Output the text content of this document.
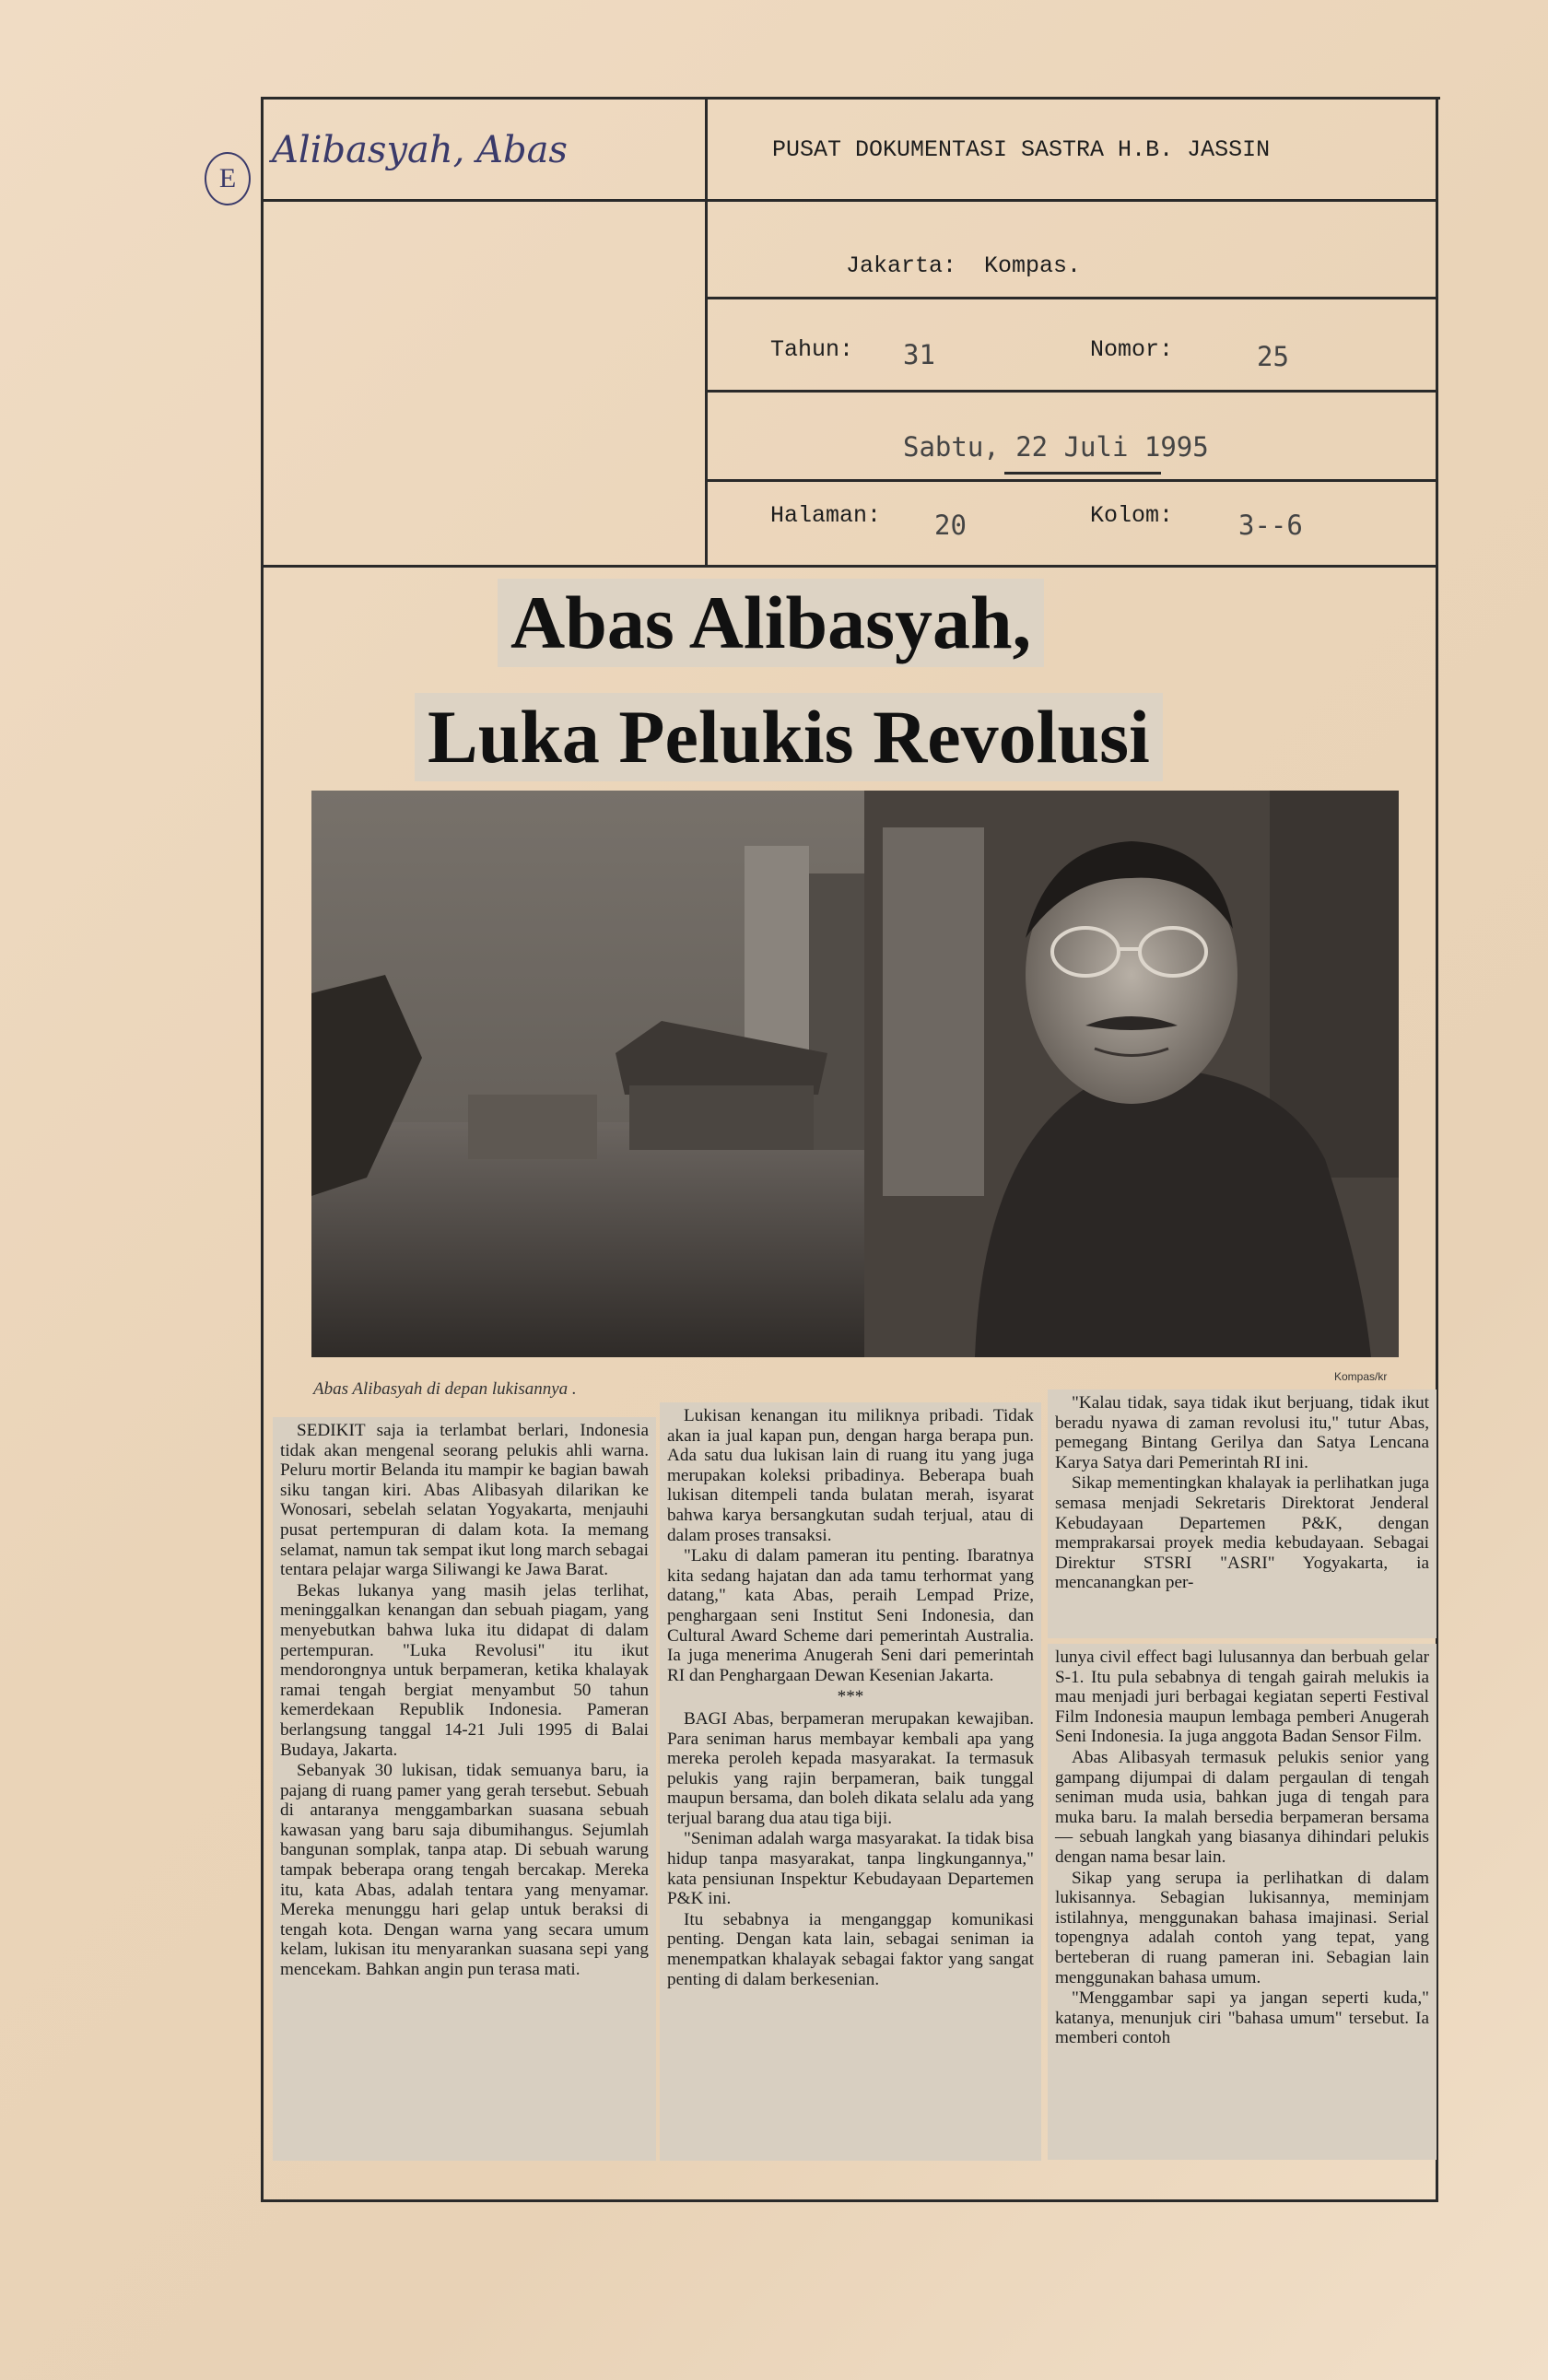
E
Alibasyah, Abas	PUSAT DOKUMENTASI SASTRA H.B. JASSIN
Jakarta: Kompas.
Tahun: 31	Nomor:	25
Sabtu, 22 Juli 1995
Halaman: 20	Kolom: 3--6
Abas Alibasyah,
Luka Pelukis Revolusi
Kompas/kr
Abas Alibasyah di depan lukisannya .

SEDIKIT saja ia terlambat berlari, Indonesia tidak akan mengenal seorang pelukis ahli warna. Peluru mortir Belanda itu mampir ke bagian bawah siku tangan kiri. Abas Alibasyah dilarikan ke Wonosari, sebelah selatan Yogyakarta, menjauhi pusat pertempuran di dalam kota. Ia memang selamat, namun tak sempat ikut long march sebagai tentara pelajar warga Siliwangi ke Jawa Barat.

Bekas lukanya yang masih jelas terlihat, meninggalkan kenangan dan sebuah piagam, yang menyebutkan bahwa luka itu didapat di dalam pertempuran. "Luka Revolusi" itu ikut mendorongnya untuk berpameran, ketika khalayak ramai tengah bergiat menyambut 50 tahun kemerdekaan Republik Indonesia. Pameran berlangsung tanggal 14-21 Juli 1995 di Balai Budaya, Jakarta.

Sebanyak 30 lukisan, tidak semuanya baru, ia pajang di ruang pamer yang gerah tersebut. Sebuah di antaranya menggambarkan suasana sebuah kawasan yang baru saja dibumihangus. Sejumlah bangunan somplak, tanpa atap. Di sebuah warung tampak beberapa orang tengah bercakap. Mereka itu, kata Abas, adalah tentara yang menyamar. Mereka menunggu hari gelap untuk beraksi di tengah kota. Dengan warna yang secara umum kelam, lukisan itu menyarankan suasana sepi yang mencekam. Bahkan angin pun terasa mati.

Lukisan kenangan itu miliknya pribadi. Tidak akan ia jual kapan pun, dengan harga berapa pun. Ada satu dua lukisan lain di ruang itu yang juga merupakan koleksi pribadinya. Beberapa buah lukisan ditempeli tanda bulatan merah, isyarat bahwa karya bersangkutan sudah terjual, atau di dalam proses transaksi.

"Laku di dalam pameran itu penting. Ibaratnya kita sedang hajatan dan ada tamu terhormat yang datang," kata Abas, peraih Lempad Prize, penghargaan seni Institut Seni Indonesia, dan Cultural Award Scheme dari pemerintah Australia. Ia juga menerima Anugerah Seni dari pemerintah RI dan Penghargaan Dewan Kesenian Jakarta.

***

BAGI Abas, berpameran merupakan kewajiban. Para seniman harus membayar kembali apa yang mereka peroleh kepada masyarakat. Ia termasuk pelukis yang rajin berpameran, baik tunggal maupun bersama, dan boleh dikata selalu ada yang terjual barang dua atau tiga biji.

"Seniman adalah warga masyarakat. Ia tidak bisa hidup tanpa masyarakat, tanpa lingkungannya," kata pensiunan Inspektur Kebudayaan Departemen P&K ini.

Itu sebabnya ia menganggap komunikasi penting. Dengan kata lain, sebagai seniman ia menempatkan khalayak sebagai faktor yang sangat penting di dalam berkesenian.

"Kalau tidak, saya tidak ikut berjuang, tidak ikut beradu nyawa di zaman revolusi itu," tutur Abas, pemegang Bintang Gerilya dan Satya Lencana Karya Satya dari Pemerintah RI ini.

Sikap mementingkan khalayak ia perlihatkan juga semasa menjadi Sekretaris Direktorat Jenderal Kebudayaan Departemen P&K, dengan memprakarsai proyek media kebudayaan. Sebagai Direktur STSRI "ASRI" Yogyakarta, ia mencanangkan per-

lunya civil effect bagi lulusannya dan berbuah gelar S-1. Itu pula sebabnya di tengah gairah melukis ia mau menjadi juri berbagai kegiatan seperti Festival Film Indonesia maupun lembaga pemberi Anugerah Seni Indonesia. Ia juga anggota Badan Sensor Film.

Abas Alibasyah termasuk pelukis senior yang gampang dijumpai di dalam pergaulan di tengah seniman muda usia, bahkan juga di tengah para muka baru. Ia malah bersedia berpameran bersama — sebuah langkah yang biasanya dihindari pelukis dengan nama besar lain.

Sikap yang serupa ia perlihatkan di dalam lukisannya. Sebagian lukisannya, meminjam istilahnya, menggunakan bahasa imajinasi. Serial topengnya adalah contoh yang tepat, yang berteberan di ruang pameran ini. Sebagian lain menggunakan bahasa umum.

"Menggambar sapi ya jangan seperti kuda," katanya, menunjuk ciri "bahasa umum" tersebut. Ia memberi contoh
